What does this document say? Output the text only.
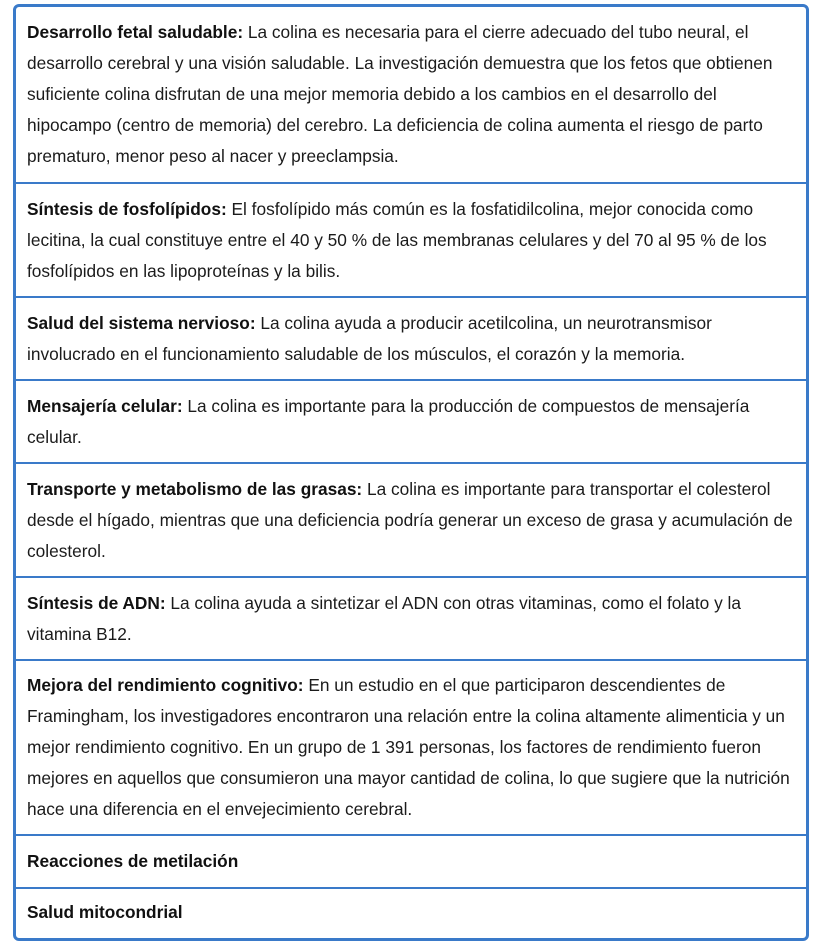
Desarrollo fetal saludable: La colina es necesaria para el cierre adecuado del tubo neural, el desarrollo cerebral y una visión saludable. La investigación demuestra que los fetos que obtienen suficiente colina disfrutan de una mejor memoria debido a los cambios en el desarrollo del hipocampo (centro de memoria) del cerebro. La deficiencia de colina aumenta el riesgo de parto prematuro, menor peso al nacer y preeclampsia.

Síntesis de fosfolípidos: El fosfolípido más común es la fosfatidilcolina, mejor conocida como lecitina, la cual constituye entre el 40 y 50 % de las membranas celulares y del 70 al 95 % de los fosfolípidos en las lipoproteínas y la bilis.

Salud del sistema nervioso: La colina ayuda a producir acetilcolina, un neurotransmisor involucrado en el funcionamiento saludable de los músculos, el corazón y la memoria.

Mensajería celular: La colina es importante para la producción de compuestos de mensajería celular.

Transporte y metabolismo de las grasas: La colina es importante para transportar el colesterol desde el hígado, mientras que una deficiencia podría generar un exceso de grasa y acumulación de colesterol.

Síntesis de ADN: La colina ayuda a sintetizar el ADN con otras vitaminas, como el folato y la vitamina B12.

Mejora del rendimiento cognitivo: En un estudio en el que participaron descendientes de Framingham, los investigadores encontraron una relación entre la colina altamente alimenticia y un mejor rendimiento cognitivo. En un grupo de 1 391 personas, los factores de rendimiento fueron mejores en aquellos que consumieron una mayor cantidad de colina, lo que sugiere que la nutrición hace una diferencia en el envejecimiento cerebral.

Reacciones de metilación

Salud mitocondrial
